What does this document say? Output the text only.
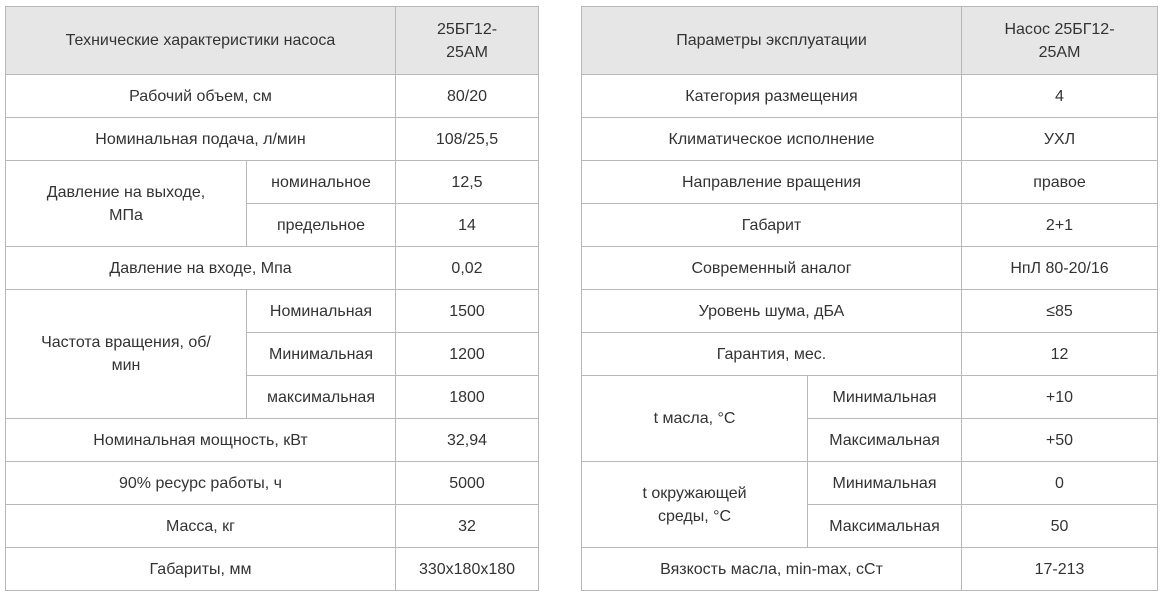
Технические характеристики насоса		25БГ12-25АМ
Рабочий объем, см		80/20
Номинальная подача, л/мин		108/25,5
Давление на выходе, МПа	номинальное	12,5
	предельное	14
Давление на входе, Мпа		0,02
Частота вращения, об/мин	Номинальная	1500
	Минимальная	1200
	максимальная	1800
Номинальная мощность, кВт		32,94
90% ресурс работы, ч		5000
Масса, кг		32
Габариты, мм		330x180x180
Параметры эксплуатации		Насос 25БГ12-25АМ
Категория размещения		4
Климатическое исполнение		УХЛ
Направление вращения		правое
Габарит		2+1
Современный аналог		НпЛ 80-20/16
Уровень шума, дБА		≤85
Гарантия, мес.		12
t масла, °С	Минимальная	+10
	Максимальная	+50
t окружающей среды, °С	Минимальная	0
	Максимальная	50
Вязкость масла, min-max, сСт		17-213
